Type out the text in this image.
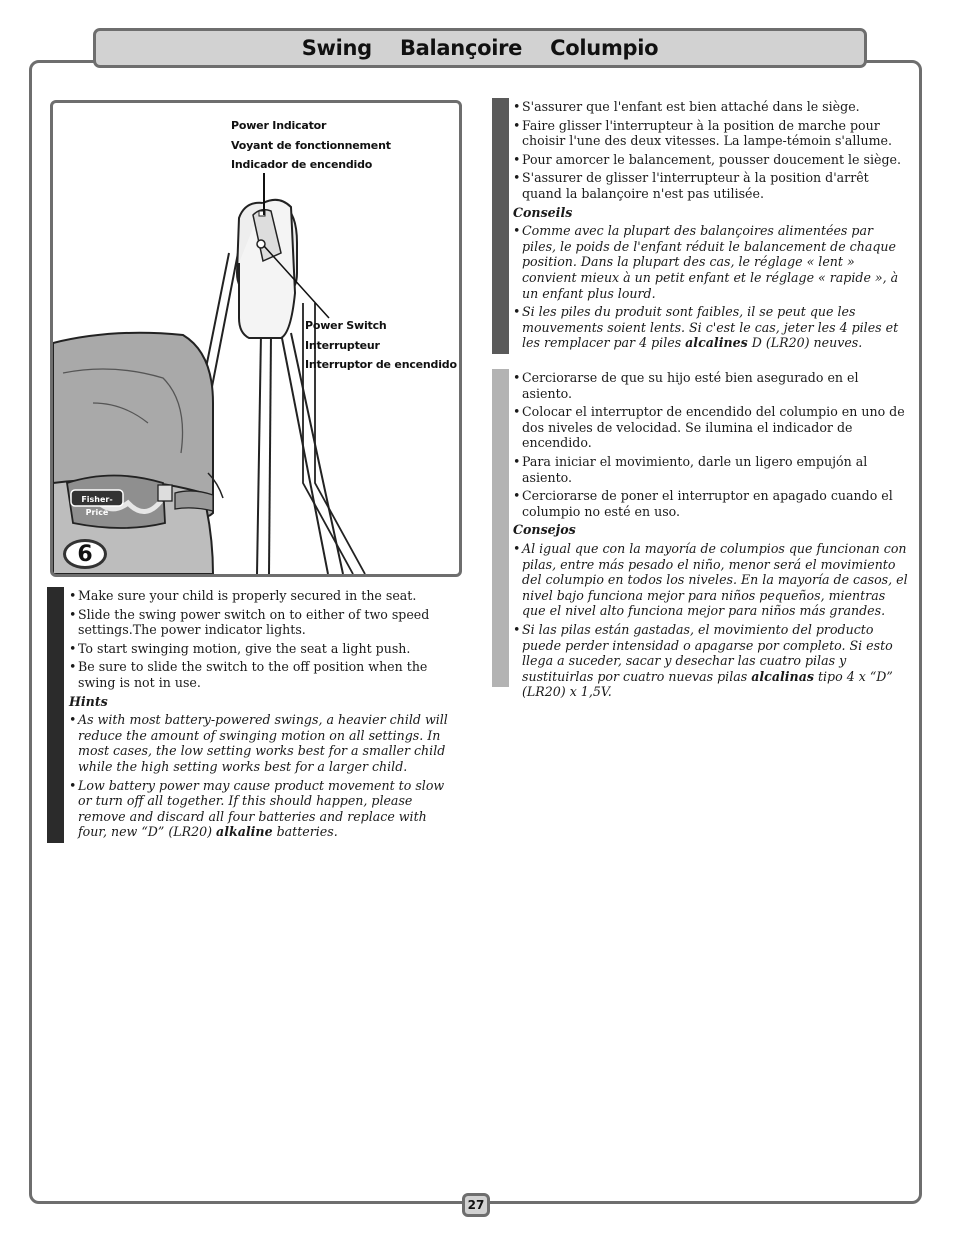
Swing    Balançoire    Columpio
Power Indicator
Voyant de fonctionnement
Indicador de encendido
Power Switch
Interrupteur
Interruptor de encendido
Fisher-Price
6
• Make sure your child is properly secured in the seat.
• Slide the swing power switch on to either of two speed settings.The power indicator lights.
• To start swinging motion, give the seat a light push.
• Be sure to slide the switch to the off position when the swing is not in use.
Hints
• As with most battery-powered swings, a heavier child will reduce the amount of swinging motion on all settings. In most cases, the low setting works best for a smaller child while the high setting works best for a larger child.
• Low battery power may cause product movement to slow or turn off all together. If this should happen, please remove and discard all four batteries and replace with four, new “D” (LR20) alkaline batteries.
• S'assurer que l'enfant est bien attaché dans le siège.
• Faire glisser l'interrupteur à la position de marche pour choisir l'une des deux vitesses. La lampe-témoin s'allume.
• Pour amorcer le balancement, pousser doucement le siège.
• S'assurer de glisser l'interrupteur à la position d'arrêt quand la balançoire n'est pas utilisée.
Conseils
• Comme avec la plupart des balançoires alimentées par piles, le poids de l'enfant réduit le balancement de chaque position. Dans la plupart des cas, le réglage « lent » convient mieux à un petit enfant et le réglage « rapide », à un enfant plus lourd.
• Si les piles du produit sont faibles, il se peut que les mouvements soient lents. Si c'est le cas, jeter les 4 piles et les remplacer par 4 piles alcalines D (LR20) neuves.
• Cerciorarse de que su hijo esté bien asegurado en el asiento.
• Colocar el interruptor de encendido del columpio en uno de dos niveles de velocidad. Se ilumina el indicador de encendido.
• Para iniciar el movimiento, darle un ligero empujón al asiento.
• Cerciorarse de poner el interruptor en apagado cuando el columpio no esté en uso.
Consejos
• Al igual que con la mayoría de columpios que funcionan con pilas, entre más pesado el niño, menor será el movimiento del columpio en todos los niveles. En la mayoría de casos, el nivel bajo funciona mejor para niños pequeños, mientras que el nivel alto funciona mejor para niños más grandes.
• Si las pilas están gastadas, el movimiento del producto puede perder intensidad o apagarse por completo. Si esto llega a suceder, sacar y desechar las cuatro pilas y sustituirlas por cuatro nuevas pilas alcalinas tipo 4 x “D” (LR20) x 1,5V.
27
